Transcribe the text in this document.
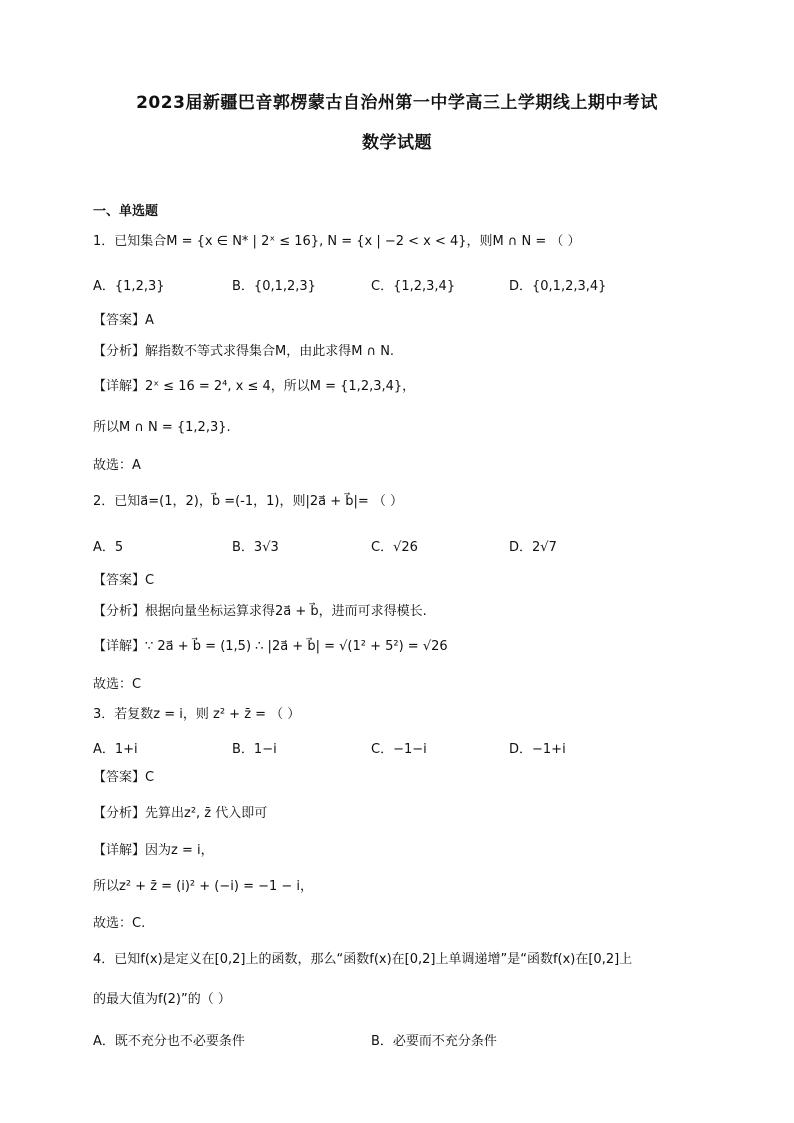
2023届新疆巴音郭楞蒙古自治州第一中学高三上学期线上期中考试
数学试题
一、单选题
1．已知集合M = {x ∈ N* | 2ˣ ≤ 16}, N = {x | −2 < x < 4}，则M ∩ N = （ ）
A．{1,2,3}	B．{0,1,2,3}	C．{1,2,3,4}	D．{0,1,2,3,4}
【答案】A
【分析】解指数不等式求得集合M，由此求得M ∩ N.
【详解】2ˣ ≤ 16 = 2⁴, x ≤ 4，所以M = {1,2,3,4}，
所以M ∩ N = {1,2,3}.
故选：A
2．已知a⃗=(1，2)，b⃗ =(-1，1)，则|2a⃗ + b⃗|= （ ）
A．5	B．3√3	C．√26	D．2√7
【答案】C
【分析】根据向量坐标运算求得2a⃗ + b⃗，进而可求得模长.
【详解】∵ 2a⃗ + b⃗ = (1,5) ∴ |2a⃗ + b⃗| = √(1² + 5²) = √26
故选：C
3．若复数z = i，则 z² + z̄ = （ ）
A．1+i	B．1−i	C．−1−i	D．−1+i
【答案】C
【分析】先算出z², z̄ 代入即可
【详解】因为z = i，
所以z² + z̄ = (i)² + (−i) = −1 − i，
故选：C.
4．已知f(x)是定义在[0,2]上的函数，那么“函数f(x)在[0,2]上单调递增”是“函数f(x)在[0,2]上
的最大值为f(2)”的（ ）
A．既不充分也不必要条件	B．必要而不充分条件
